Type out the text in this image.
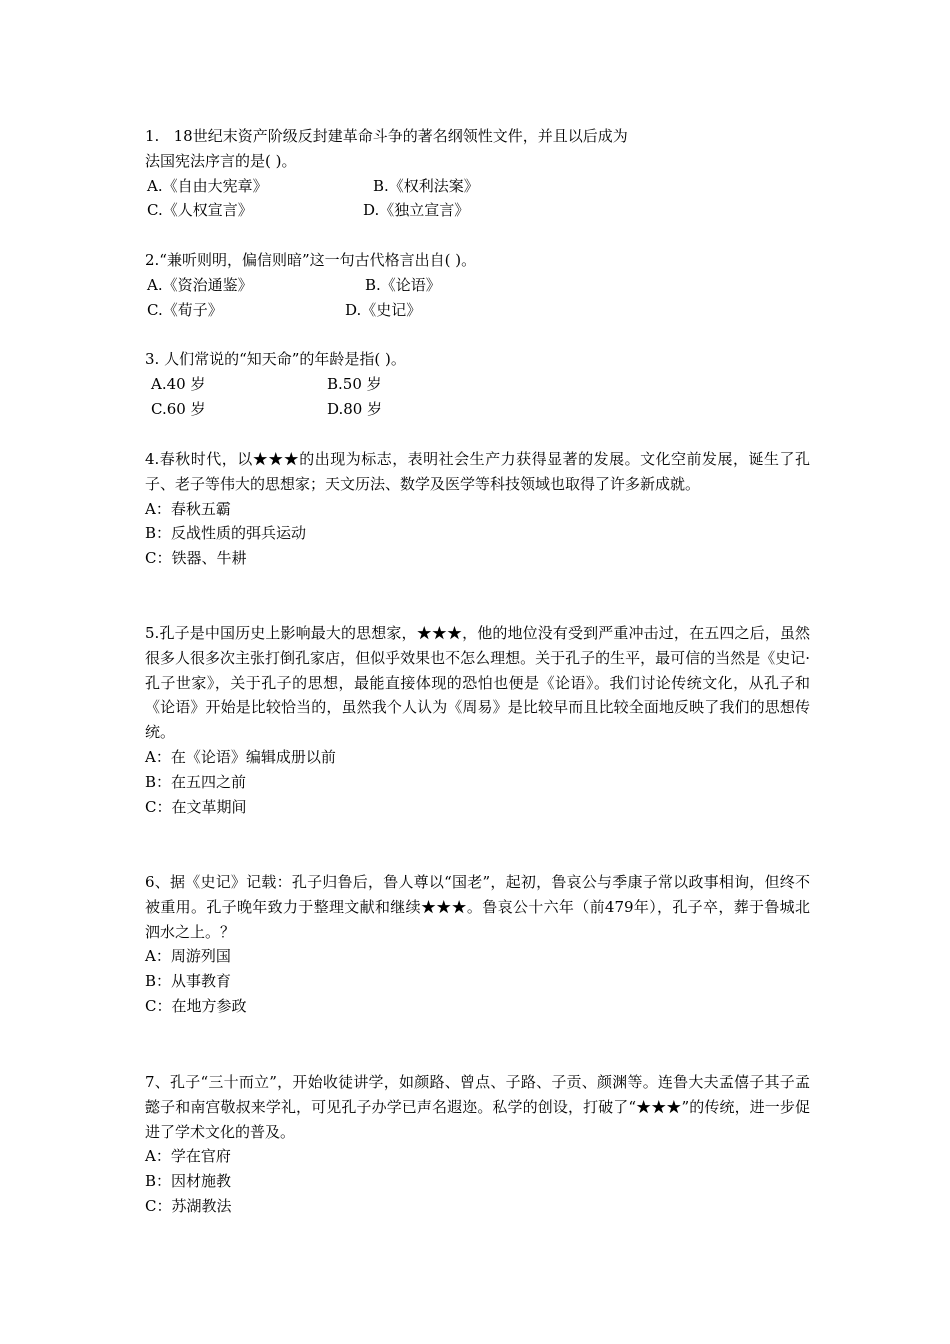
1.   18世纪末资产阶级反封建革命斗争的著名纲领性文件，并且以后成为
法国宪法序言的是( )。
A.《自由大宪章》	B.《权利法案》
C.《人权宣言》	D.《独立宣言》
2.“兼听则明，偏信则暗”这一句古代格言出自( )。
A.《资治通鉴》	B.《论语》
C.《荀子》	D.《史记》
3. 人们常说的“知天命”的年龄是指( )。
A.40 岁	B.50 岁
C.60 岁	D.80 岁
4.春秋时代，以★★★的出现为标志，表明社会生产力获得显著的发展。文化空前发展，诞生了孔子、老子等伟大的思想家；天文历法、数学及医学等科技领域也取得了许多新成就。
A：春秋五霸
B：反战性质的弭兵运动
C：铁器、牛耕
5.孔子是中国历史上影响最大的思想家，★★★，他的地位没有受到严重冲击过，在五四之后，虽然很多人很多次主张打倒孔家店，但似乎效果也不怎么理想。关于孔子的生平，最可信的当然是《史记·孔子世家》，关于孔子的思想，最能直接体现的恐怕也便是《论语》。我们讨论传统文化，从孔子和《论语》开始是比较恰当的，虽然我个人认为《周易》是比较早而且比较全面地反映了我们的思想传统。
A：在《论语》编辑成册以前
B：在五四之前
C：在文革期间
6、据《史记》记载：孔子归鲁后，鲁人尊以“国老”，起初，鲁哀公与季康子常以政事相询，但终不被重用。孔子晚年致力于整理文献和继续★★★。鲁哀公十六年（前479年），孔子卒，葬于鲁城北泗水之上。？
A：周游列国
B：从事教育
C：在地方参政
7、孔子“三十而立”，开始收徒讲学，如颜路、曾点、子路、子贡、颜渊等。连鲁大夫孟僖子其子孟懿子和南宫敬叔来学礼，可见孔子办学已声名遐迩。私学的创设，打破了“★★★”的传统，进一步促进了学术文化的普及。
A：学在官府
B：因材施教
C：苏湖教法
